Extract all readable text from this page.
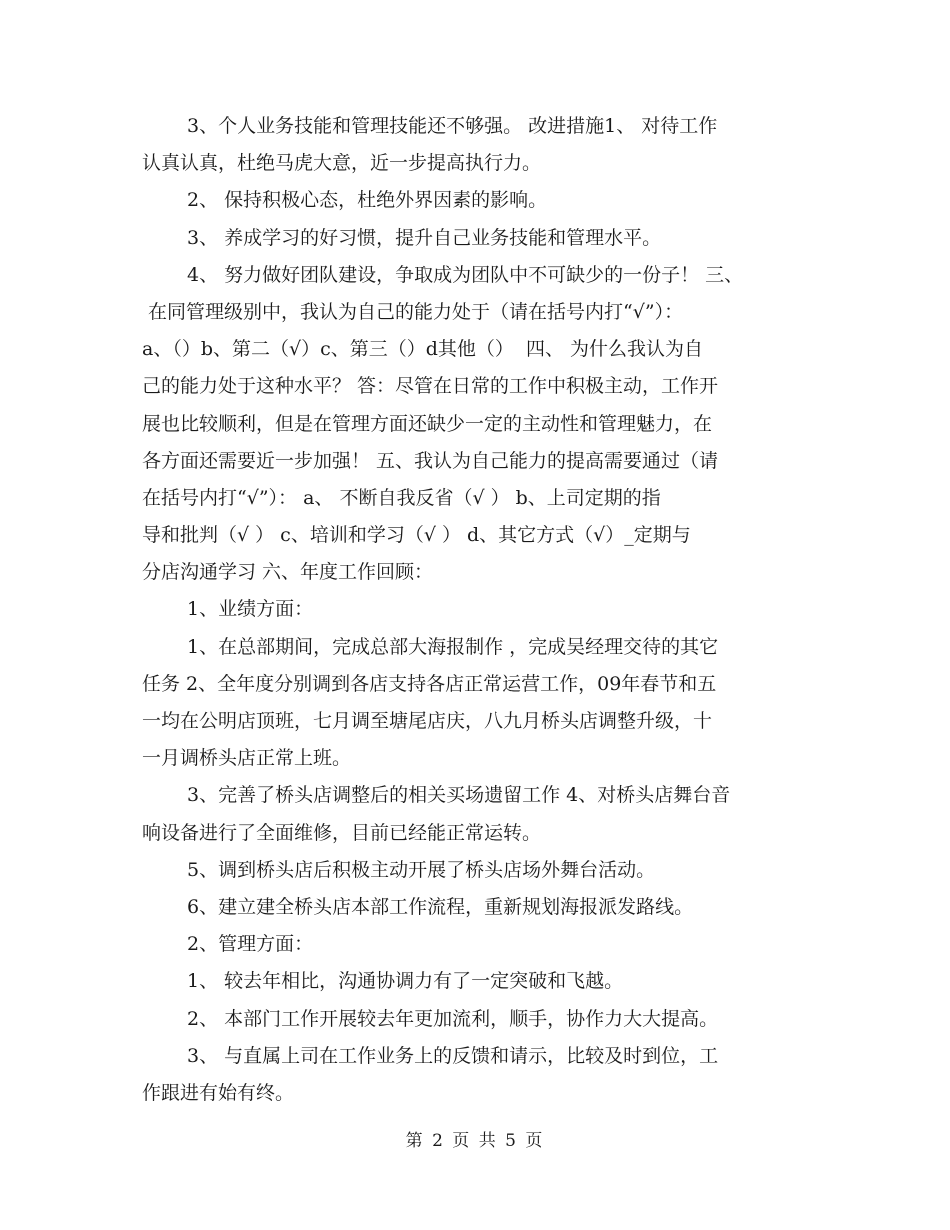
3、个人业务技能和管理技能还不够强。 改进措施1、 对待工作
认真认真，杜绝马虎大意，近一步提高执行力。
2、 保持积极心态，杜绝外界因素的影响。
3、 养成学习的好习惯，提升自己业务技能和管理水平。
4、 努力做好团队建设，争取成为团队中不可缺少的一份子！ 三、
在同管理级别中，我认为自己的能力处于（请在括号内打“√”）：
a、（）b、第二（√）c、第三（）d其他（）  四、 为什么我认为自
己的能力处于这种水平？ 答：尽管在日常的工作中积极主动，工作开
展也比较顺利，但是在管理方面还缺少一定的主动性和管理魅力，在
各方面还需要近一步加强！ 五、我认为自己能力的提高需要通过（请
在括号内打“√”）： a、 不断自我反省（√ ） b、上司定期的指
导和批判（√ ） c、培训和学习（√ ） d、其它方式（√）_定期与
分店沟通学习 六、年度工作回顾：
1、业绩方面：
1、在总部期间，完成总部大海报制作 ，完成吴经理交待的其它
任务 2、全年度分别调到各店支持各店正常运营工作，09年春节和五
一均在公明店顶班，七月调至塘尾店庆，八九月桥头店调整升级，十
一月调桥头店正常上班。
3、完善了桥头店调整后的相关买场遗留工作 4、对桥头店舞台音
响设备进行了全面维修，目前已经能正常运转。
5、调到桥头店后积极主动开展了桥头店场外舞台活动。
6、建立建全桥头店本部工作流程，重新规划海报派发路线。
2、管理方面：
1、 较去年相比，沟通协调力有了一定突破和飞越。
2、 本部门工作开展较去年更加流利，顺手，协作力大大提高。
3、 与直属上司在工作业务上的反馈和请示，比较及时到位，工
作跟进有始有终。
第 2 页 共 5 页
